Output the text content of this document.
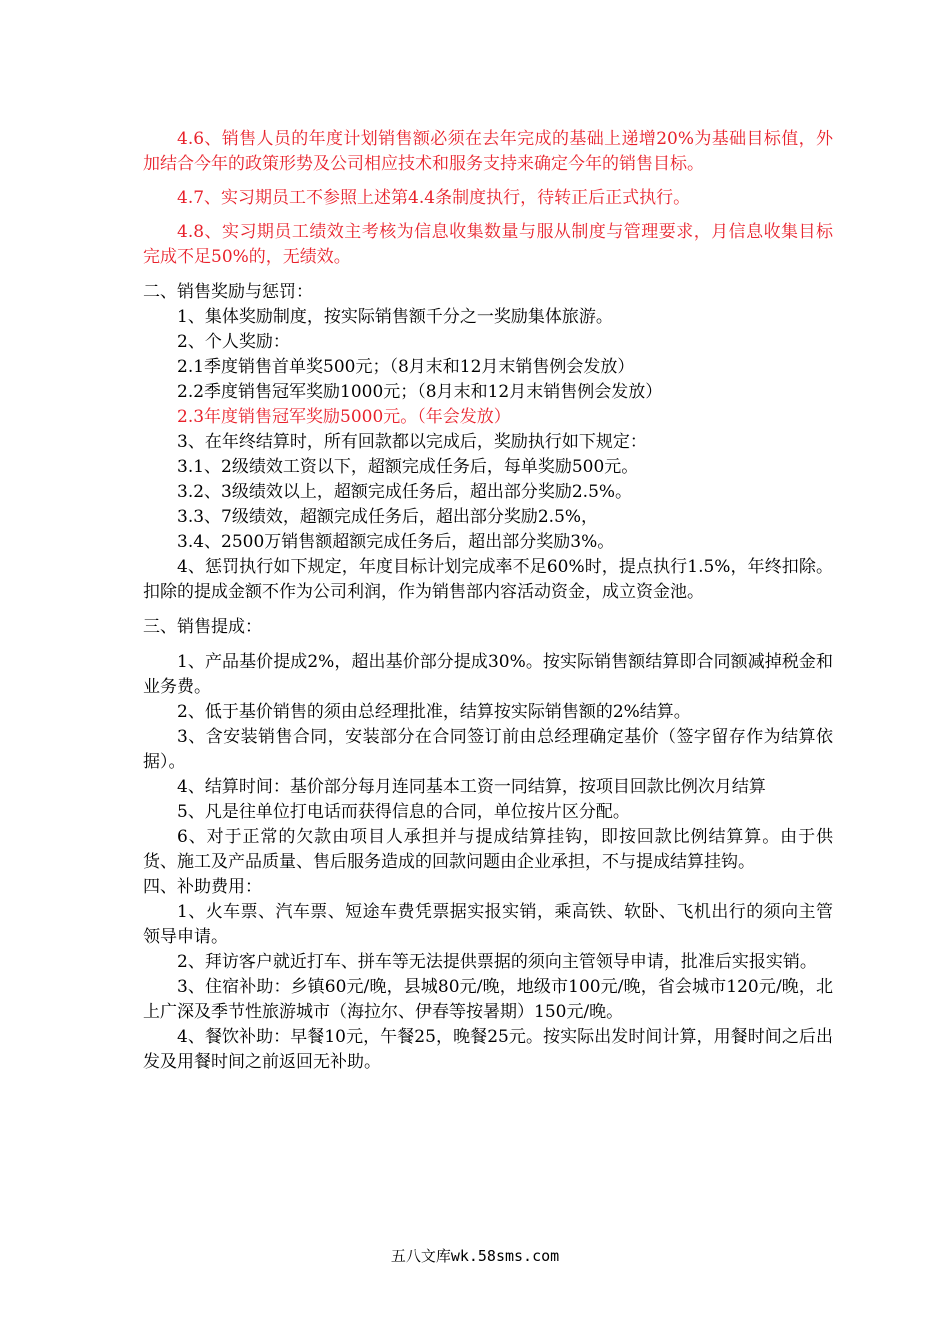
4.6、销售人员的年度计划销售额必须在去年完成的基础上递增20%为基础目标值，外加结合今年的政策形势及公司相应技术和服务支持来确定今年的销售目标。

4.7、实习期员工不参照上述第4.4条制度执行，待转正后正式执行。

4.8、实习期员工绩效主考核为信息收集数量与服从制度与管理要求，月信息收集目标完成不足50%的，无绩效。

二、销售奖励与惩罚：

1、集体奖励制度，按实际销售额千分之一奖励集体旅游。

2、个人奖励：

2.1季度销售首单奖500元；（8月末和12月末销售例会发放）

2.2季度销售冠军奖励1000元；（8月末和12月末销售例会发放）

2.3年度销售冠军奖励5000元。（年会发放）

3、在年终结算时，所有回款都以完成后，奖励执行如下规定：

3.1、2级绩效工资以下，超额完成任务后，每单奖励500元。

3.2、3级绩效以上，超额完成任务后，超出部分奖励2.5%。

3.3、7级绩效，超额完成任务后，超出部分奖励2.5%，

3.4、2500万销售额超额完成任务后，超出部分奖励3%。

4、惩罚执行如下规定，年度目标计划完成率不足60%时，提点执行1.5%，年终扣除。扣除的提成金额不作为公司利润，作为销售部内容活动资金，成立资金池。

三、销售提成：

1、产品基价提成2%，超出基价部分提成30%。按实际销售额结算即合同额减掉税金和业务费。

2、低于基价销售的须由总经理批准，结算按实际销售额的2%结算。

3、含安装销售合同，安装部分在合同签订前由总经理确定基价（签字留存作为结算依据）。

4、结算时间：基价部分每月连同基本工资一同结算，按项目回款比例次月结算

5、凡是往单位打电话而获得信息的合同，单位按片区分配。

6、对于正常的欠款由项目人承担并与提成结算挂钩，即按回款比例结算算。由于供货、施工及产品质量、售后服务造成的回款问题由企业承担，不与提成结算挂钩。

四、补助费用：

1、火车票、汽车票、短途车费凭票据实报实销，乘高铁、软卧、飞机出行的须向主管领导申请。

2、拜访客户就近打车、拼车等无法提供票据的须向主管领导申请，批准后实报实销。

3、住宿补助：乡镇60元/晚，县城80元/晚，地级市100元/晚，省会城市120元/晚，北上广深及季节性旅游城市（海拉尔、伊春等按暑期）150元/晚。

4、餐饮补助：早餐10元，午餐25，晚餐25元。按实际出发时间计算，用餐时间之后出发及用餐时间之前返回无补助。

五八文库wk.58sms.com
